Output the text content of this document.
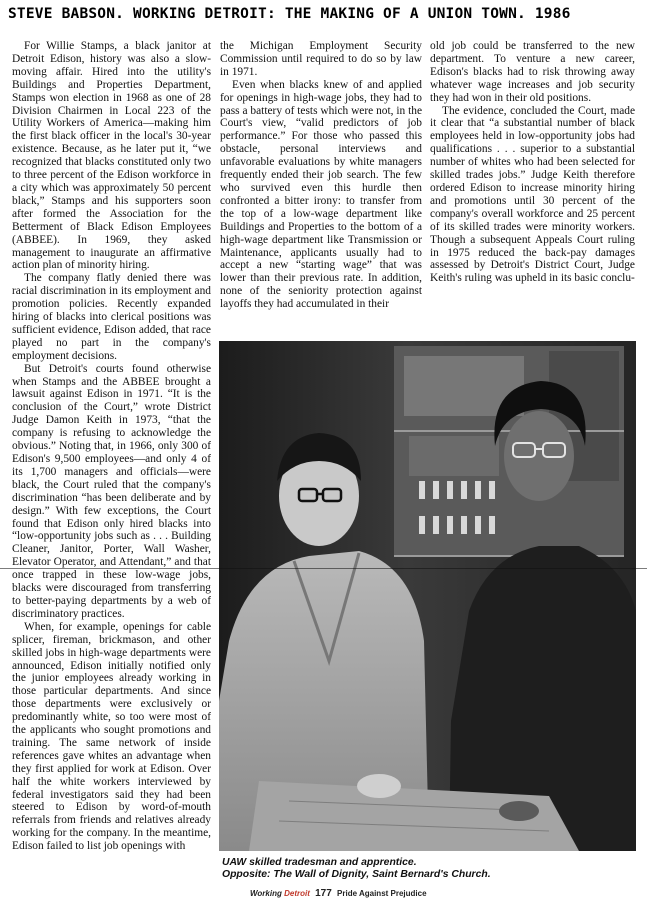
STEVE BABSON. WORKING DETROIT: THE MAKING OF A UNION TOWN. 1986

For Willie Stamps, a black janitor at Detroit Edison, history was also a slow-moving affair. Hired into the utility's Buildings and Properties Department, Stamps won election in 1968 as one of 28 Division Chairmen in Local 223 of the Utility Workers of America—making him the first black officer in the local's 30-year existence. Because, as he later put it, “we recognized that blacks constituted only two to three percent of the Edison workforce in a city which was approximately 50 percent black,” Stamps and his supporters soon after formed the Association for the Betterment of Black Edison Employees (ABBEE). In 1969, they asked management to inaugurate an affirmative action plan of minority hiring.

The company flatly denied there was racial discrimination in its employment and promotion policies. Recently expanded hiring of blacks into clerical positions was sufficient evidence, Edison added, that race played no part in the company's employment decisions.

But Detroit's courts found otherwise when Stamps and the ABBEE brought a lawsuit against Edison in 1971. “It is the conclusion of the Court,” wrote District Judge Damon Keith in 1973, “that the company is refusing to acknowledge the obvious.” Noting that, in 1966, only 300 of Edison's 9,500 employees—and only 4 of its 1,700 managers and officials—were black, the Court ruled that the company's discrimination “has been deliberate and by design.” With few exceptions, the Court found that Edison only hired blacks into “low-opportunity jobs such as . . . Building Cleaner, Janitor, Porter, Wall Washer, Elevator Operator, and Attendant,” and that once trapped in these low-wage jobs, blacks were discouraged from transferring to better-paying departments by a web of discriminatory practices.

When, for example, openings for cable splicer, fireman, brickmason, and other skilled jobs in high-wage departments were announced, Edison initially notified only the junior employees already working in those particular departments. And since those departments were exclusively or predominantly white, so too were most of the applicants who sought promotions and training. The same network of inside references gave whites an advantage when they first applied for work at Edison. Over half the white workers interviewed by federal investigators said they had been steered to Edison by word-of-mouth referrals from friends and relatives already working for the company. In the meantime, Edison failed to list job openings with

the Michigan Employment Security Commission until required to do so by law in 1971.

Even when blacks knew of and applied for openings in high-wage jobs, they had to pass a battery of tests which were not, in the Court's view, “valid predictors of job performance.” For those who passed this obstacle, personal interviews and unfavorable evaluations by white managers frequently ended their job search. The few who survived even this hurdle then confronted a bitter irony: to transfer from the top of a low-wage department like Buildings and Properties to the bottom of a high-wage department like Transmission or Maintenance, applicants usually had to accept a new “starting wage” that was lower than their previous rate. In addition, none of the seniority protection against layoffs they had accumulated in their

old job could be transferred to the new department. To venture a new career, Edison's blacks had to risk throwing away whatever wage increases and job security they had won in their old positions.

The evidence, concluded the Court, made it clear that “a substantial number of black employees held in low-opportunity jobs had qualifications . . . superior to a substantial number of whites who had been selected for skilled trades jobs.” Judge Keith therefore ordered Edison to increase minority hiring and promotions until 30 percent of the company's overall workforce and 25 percent of its skilled trades were minority workers. Though a subsequent Appeals Court ruling in 1975 reduced the back-pay damages assessed by Detroit's District Court, Judge Keith's ruling was upheld in its basic conclu-

UAW skilled tradesman and apprentice.
Opposite: The Wall of Dignity, Saint Bernard's Church.
Working Detroit 177 Pride Against Prejudice
